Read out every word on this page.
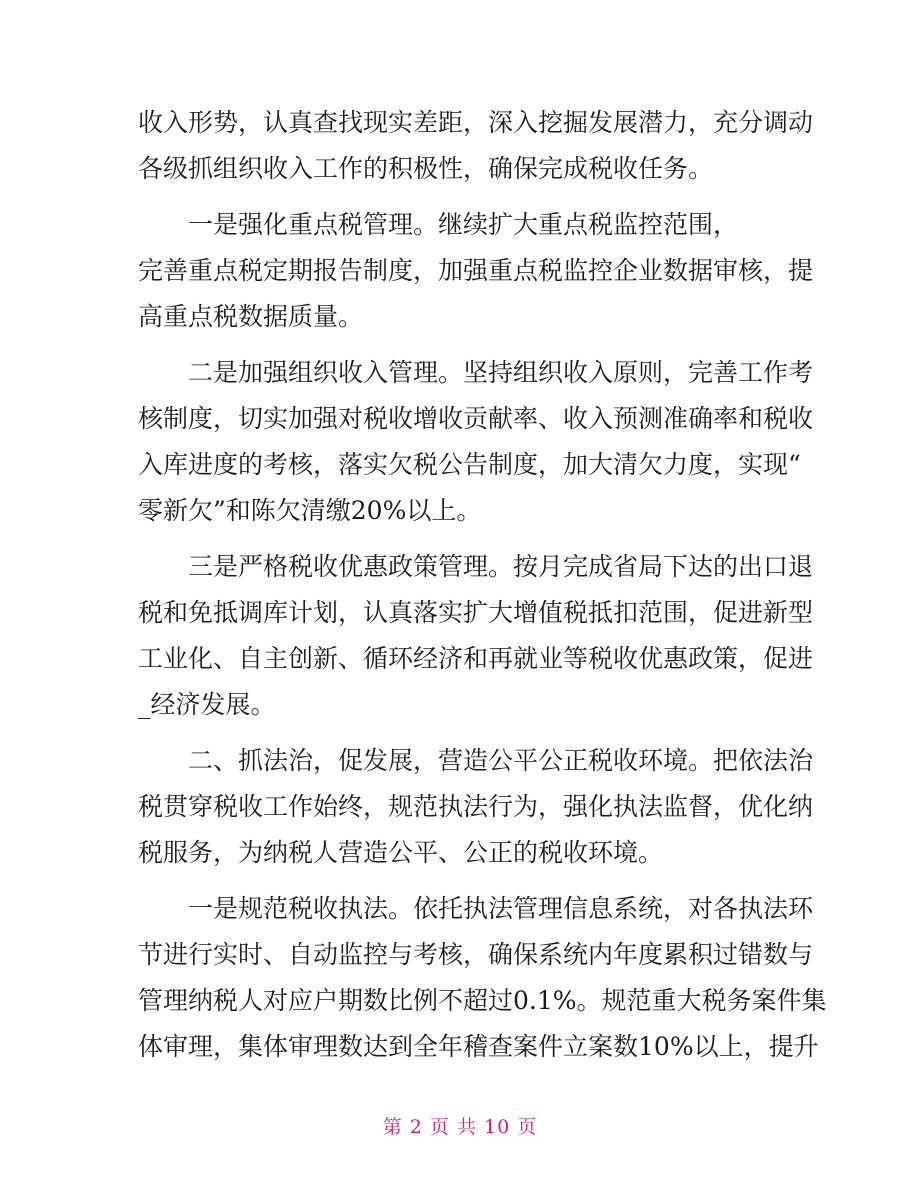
收入形势，认真查找现实差距，深入挖掘发展潜力，充分调动
各级抓组织收入工作的积极性，确保完成税收任务。
一是强化重点税管理。继续扩大重点税监控范围，
完善重点税定期报告制度，加强重点税监控企业数据审核，提
高重点税数据质量。
二是加强组织收入管理。坚持组织收入原则，完善工作考
核制度，切实加强对税收增收贡献率、收入预测准确率和税收
入库进度的考核，落实欠税公告制度，加大清欠力度，实现“
零新欠”和陈欠清缴20%以上。
三是严格税收优惠政策管理。按月完成省局下达的出口退
税和免抵调库计划，认真落实扩大增值税抵扣范围，促进新型
工业化、自主创新、循环经济和再就业等税收优惠政策，促进
_经济发展。
二、抓法治，促发展，营造公平公正税收环境。把依法治
税贯穿税收工作始终，规范执法行为，强化执法监督，优化纳
税服务，为纳税人营造公平、公正的税收环境。
一是规范税收执法。依托执法管理信息系统，对各执法环
节进行实时、自动监控与考核，确保系统内年度累积过错数与
管理纳税人对应户期数比例不超过0.1%。规范重大税务案件集
体审理，集体审理数达到全年稽查案件立案数10%以上，提升
第 2 页 共 10 页
